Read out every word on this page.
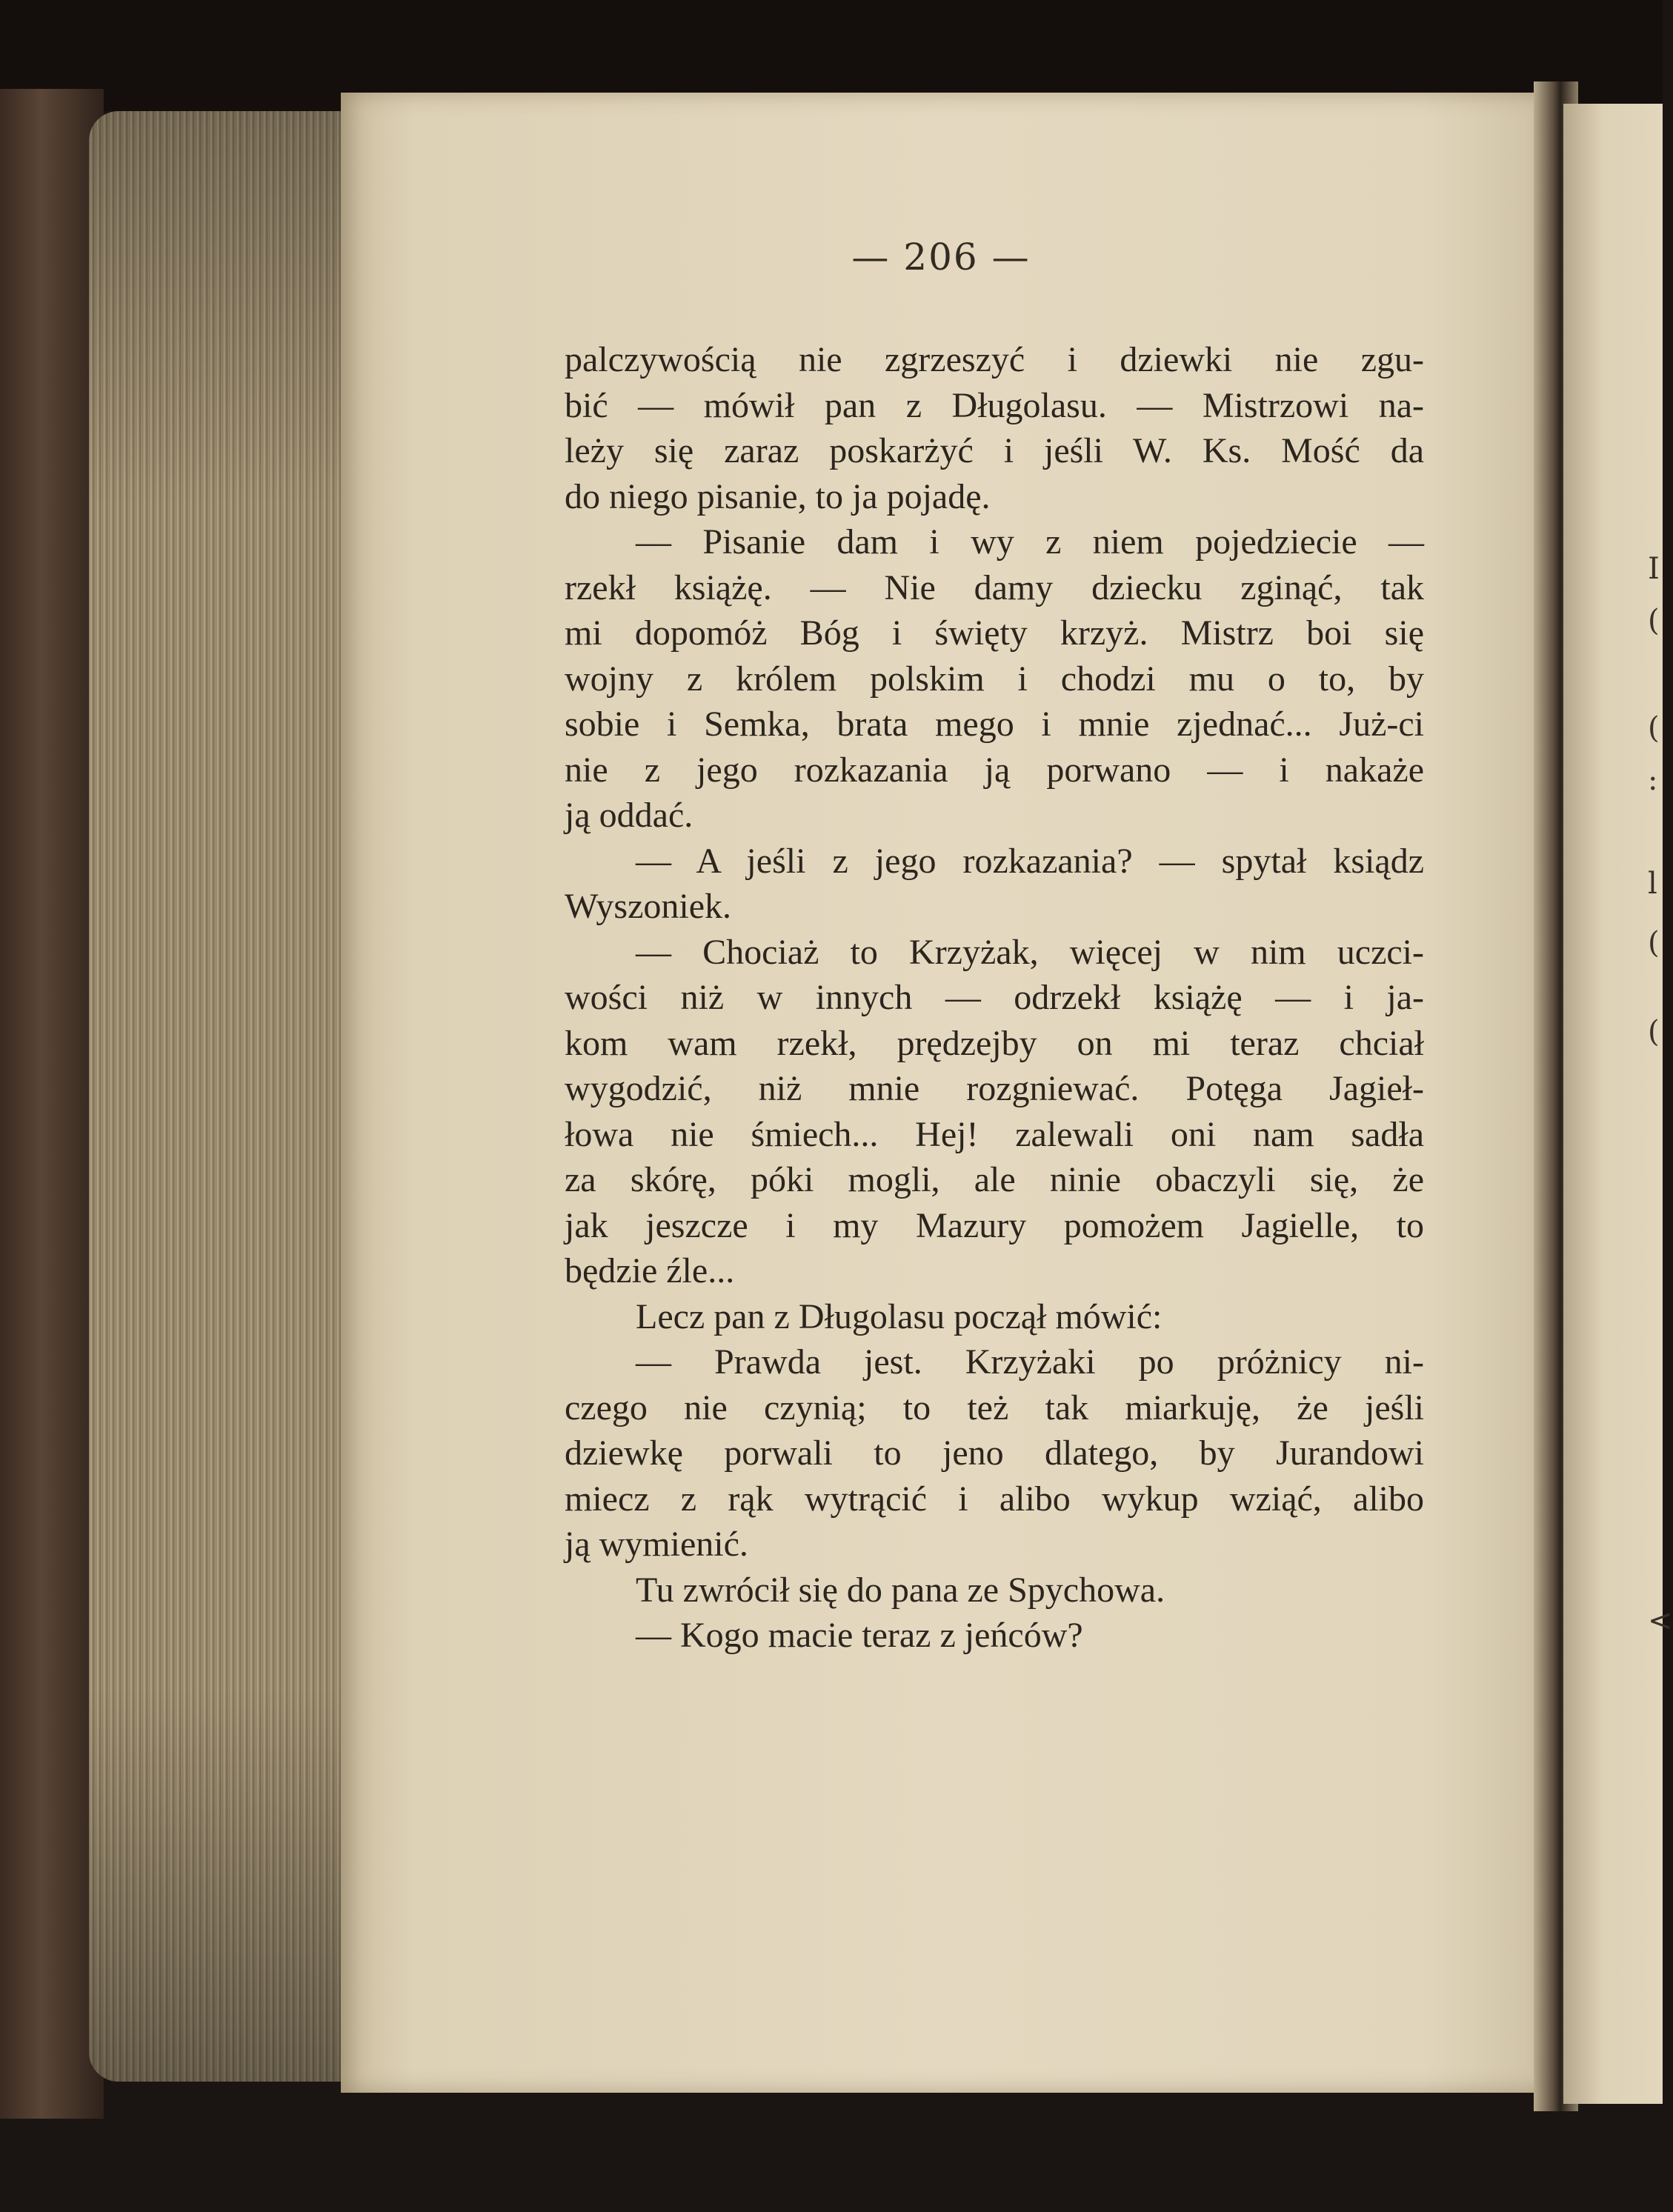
I
(
(
:
l
(
(
<
— 206 —
palczywością nie zgrzeszyć i dziewki nie zgu-
bić — mówił pan z Długolasu. — Mistrzowi na-
leży się zaraz poskarżyć i jeśli W. Ks. Mość da
do niego pisanie, to ja pojadę.
— Pisanie dam i wy z niem pojedziecie —
rzekł książę. — Nie damy dziecku zginąć, tak
mi dopomóż Bóg i święty krzyż. Mistrz boi się
wojny z królem polskim i chodzi mu o to, by
sobie i Semka, brata mego i mnie zjednać... Już-ci
nie z jego rozkazania ją porwano — i nakaże
ją oddać.
— A jeśli z jego rozkazania? — spytał ksiądz
Wyszoniek.
— Chociaż to Krzyżak, więcej w nim uczci-
wości niż w innych — odrzekł książę — i ja-
kom wam rzekł, prędzejby on mi teraz chciał
wygodzić, niż mnie rozgniewać. Potęga Jagieł-
łowa nie śmiech... Hej! zalewali oni nam sadła
za skórę, póki mogli, ale ninie obaczyli się, że
jak jeszcze i my Mazury pomożem Jagielle, to
będzie źle...
Lecz pan z Długolasu począł mówić:
— Prawda jest. Krzyżaki po próżnicy ni-
czego nie czynią; to też tak miarkuję, że jeśli
dziewkę porwali to jeno dlatego, by Jurandowi
miecz z rąk wytrącić i alibo wykup wziąć, alibo
ją wymienić.
Tu zwrócił się do pana ze Spychowa.
— Kogo macie teraz z jeńców?
